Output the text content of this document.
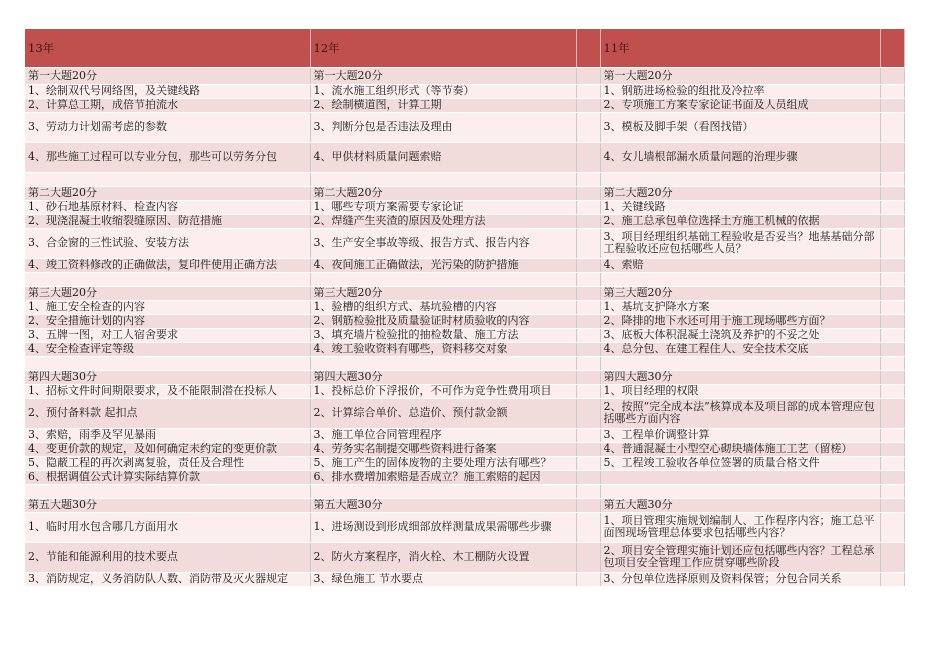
13年	12年		11年	
第一大题20分	第一大题20分		第一大题20分	
1、绘制双代号网络图，及关键线路	1、流水施工组织形式（等节奏）		1、钢筋进场检验的组批及冷拉率	
2、计算总工期，成倍节拍流水	2、绘制横道图，计算工期		2、专项施工方案专家论证书面及人员组成	
3、劳动力计划需考虑的参数	3、判断分包是否违法及理由		3、模板及脚手架（看图找错）	
4、那些施工过程可以专业分包，那些可以劳务分包	4、甲供材料质量问题索赔		4、女儿墙根部漏水质量问题的治理步骤	

第二大题20分	第二大题20分		第二大题20分	
1、砂石地基原材料、检查内容	1、哪些专项方案需要专家论证		1、关键线路	
2、现浇混凝土收缩裂缝原因、防范措施	2、焊缝产生夹渣的原因及处理方法		2、施工总承包单位选择土方施工机械的依据	
3、合金窗的三性试验、安装方法	3、生产安全事故等级、报告方式、报告内容		3、项目经理组织基础工程验收是否妥当？地基基础分部工程验收还应包括哪些人员？	
4、竣工资料修改的正确做法，复印件使用正确方法	4、夜间施工正确做法，光污染的防护措施		4、索赔	

第三大题20分	第三大题20分		第三大题20分	
1、施工安全检查的内容	1、验槽的组织方式、基坑验槽的内容		1、基坑支护降水方案	
2、安全措施计划的内容	2、钢筋检验批及质量验证时材质验收的内容		2、降排的地下水还可用于施工现场哪些方面？	
3、五牌一图，对工人宿舍要求	3、填充墙片检验批的抽检数量、施工方法		3、底板大体积混凝土浇筑及养护的不妥之处	
4、安全检查评定等级	4、竣工验收资料有哪些，资料移交对象		4、总分包、在建工程住人、安全技术交底	

第四大题30分	第四大题30分		第四大题30分	
1、招标文件时间期限要求，及不能限制潜在投标人	1、投标总价下浮报价，不可作为竞争性费用项目		1、项目经理的权限	
2、预付备料款 起扣点	2、计算综合单价、总造价、预付款金额		2、按照“完全成本法”核算成本及项目部的成本管理应包括哪些方面内容	
3、索赔，雨季及罕见暴雨	3、施工单位合同管理程序		3、工程单价调整计算	
4、变更价款的规定，及如何确定未约定的变更价款	4、劳务实名制提交哪些资料进行备案		4、普通混凝土小型空心砌块墙体施工工艺（留槎）	
5、隐蔽工程的再次剥离复验，责任及合理性	5、施工产生的固体废物的主要处理方法有哪些？		5、工程竣工验收各单位签署的质量合格文件	
6、根据调值公式计算实际结算价款	6、排水费增加索赔是否成立？施工索赔的起因			

第五大题30分	第五大题30分		第五大题30分	
1、临时用水包含哪几方面用水	1、进场测设到形成细部放样测量成果需哪些步骤		1、项目管理实施规划编制人、工作程序内容；施工总平面图现场管理总体要求包括哪些内容？	
2、节能和能源利用的技术要点	2、防火方案程序，消火栓、木工棚防火设置		2、项目安全管理实施计划还应包括哪些内容？工程总承包项目安全管理工作应贯穿哪些阶段	
3、消防规定，义务消防队人数、消防带及灭火器规定	3、绿色施工 节水要点		3、分包单位选择原则及资料保管；分包合同关系	
